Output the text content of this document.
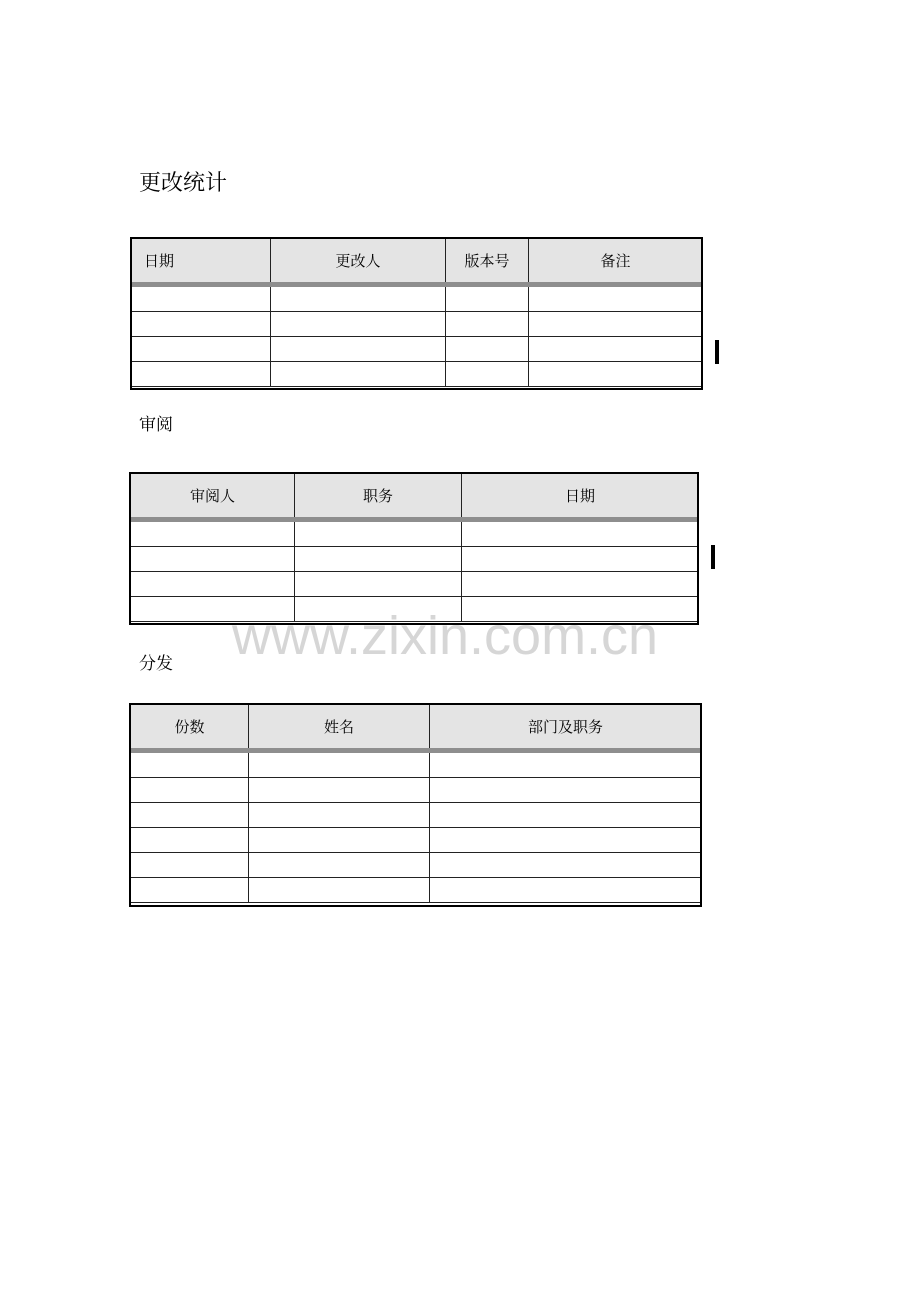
更改统计
日期	更改人	版本号	备注

审阅
审阅人	职务	日期

www.zixin.com.cn
分发
份数	姓名	部门及职务
